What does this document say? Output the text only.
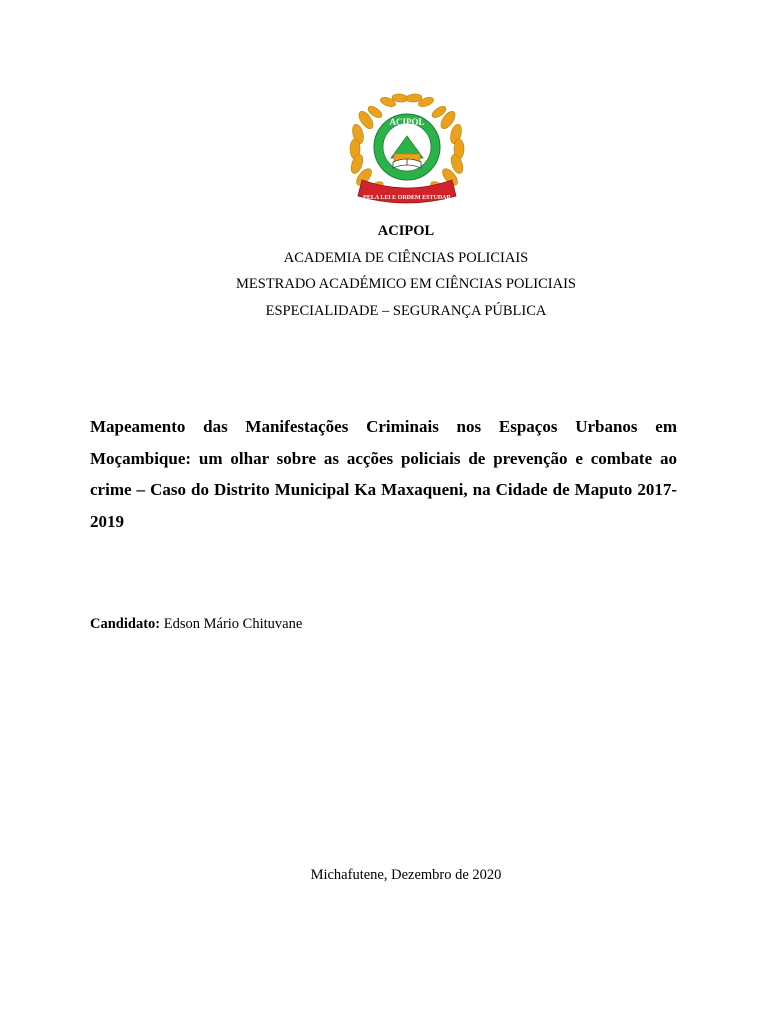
ACIPOL
PELA LEI E ORDEM ESTUDAR
ACIPOL
ACADEMIA DE CIÊNCIAS POLICIAIS
MESTRADO ACADÉMICO EM CIÊNCIAS POLICIAIS
ESPECIALIDADE – SEGURANÇA PÚBLICA
Mapeamento das Manifestações Criminais nos Espaços Urbanos em Moçambique: um olhar sobre as acções policiais de prevenção e combate ao crime – Caso do Distrito Municipal Ka Maxaqueni, na Cidade de Maputo 2017-2019
Candidato: Edson Mário Chituvane
Michafutene, Dezembro de 2020
